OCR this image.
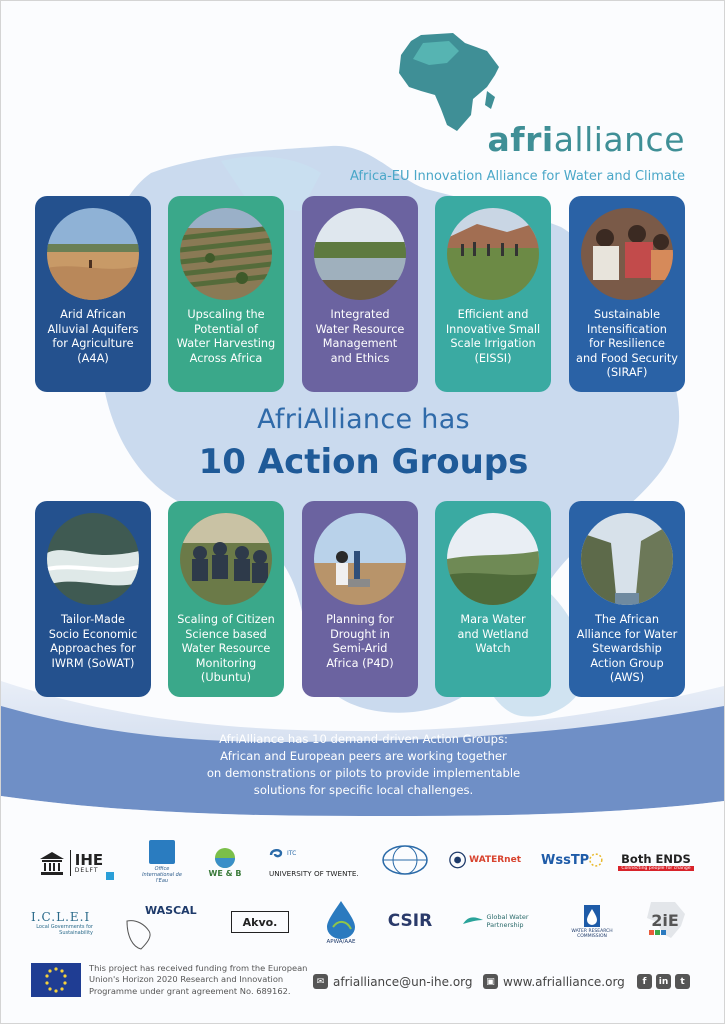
afrialliance
Africa-EU Innovation Alliance for Water and Climate
Arid African
Alluvial Aquifers
for Agriculture
(A4A)
Upscaling the
Potential of
Water Harvesting
Across Africa
Integrated
Water Resource
Management
and Ethics
Efficient and
Innovative Small
Scale Irrigation
(EISSI)
Sustainable
Intensification
for Resilience
and Food Security
(SIRAF)
AfriAlliance has
10 Action Groups
Tailor-Made
Socio Economic
Approaches for
IWRM (SoWAT)
Scaling of Citizen
Science based
Water Resource
Monitoring
(Ubuntu)
Planning for
Drought in
Semi-Arid
Africa (P4D)
Mara Water
and Wetland
Watch
The African
Alliance for Water
Stewardship
Action Group
(AWS)
AfriAlliance has 10 demand-driven Action Groups:
African and European peers are working together
on demonstrations or pilots to provide implementable
solutions for specific local challenges.
IHE
DELFT	Office International de l'Eau
WE & B
ITC
UNIVERSITY OF TWENTE.
WATERnet WssTP	Both ENDS
Connecting people for change
I.C.L.E.I
Local Governments for Sustainability
WASCAL
Akvo.
APWA/AAE
CSIR	Global Water Partnership
WATER RESEARCH COMMISSION
2iE
This project has received funding from the European
Union's Horizon 2020 Research and Innovation
Programme under grant agreement No. 689162.
✉ afrialliance@un-ihe.org	▣ www.afrialliance.org	f	in	t
